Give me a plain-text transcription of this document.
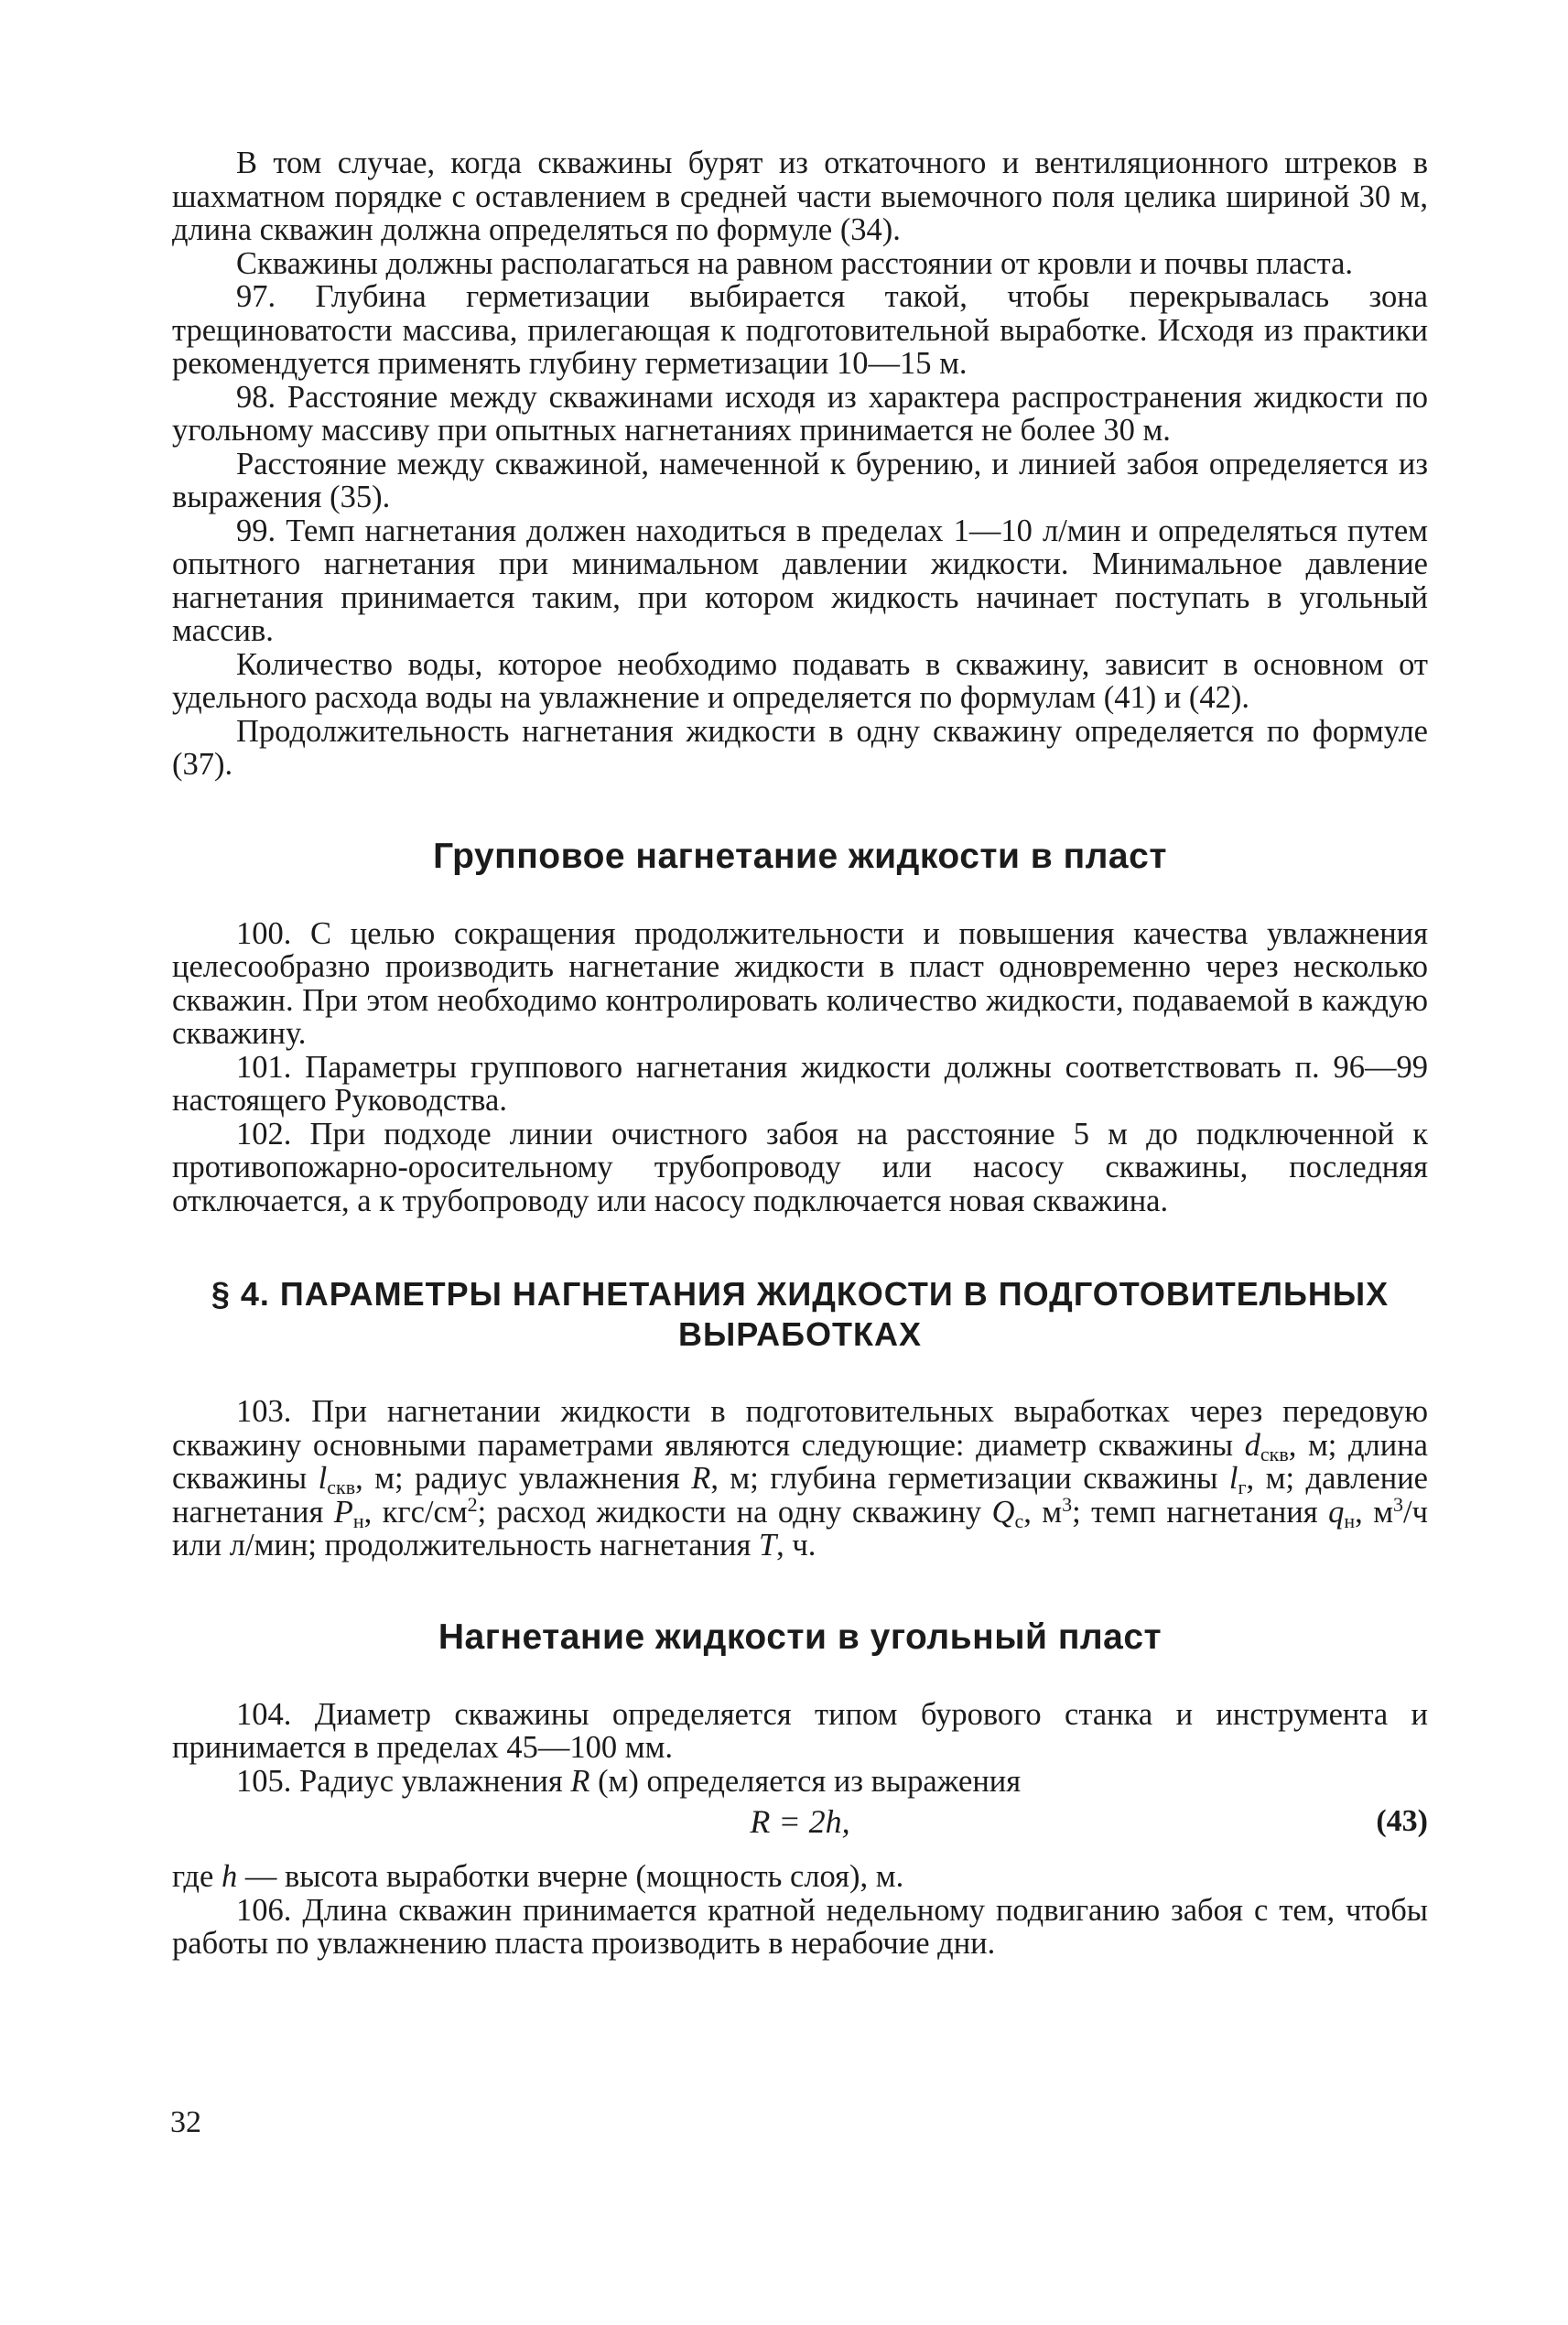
В том случае, когда скважины бурят из откаточного и вентиляционного штреков в шахматном порядке с оставлением в средней части выемочного поля целика шириной 30 м, длина скважин должна определяться по формуле (34).

Скважины должны располагаться на равном расстоянии от кровли и почвы пласта.

97. Глубина герметизации выбирается такой, чтобы перекрывалась зона трещиноватости массива, прилегающая к подготовительной выработке. Исходя из практики рекомендуется применять глубину герметизации 10—15 м.

98. Расстояние между скважинами исходя из характера распространения жидкости по угольному массиву при опытных нагнетаниях принимается не более 30 м.

Расстояние между скважиной, намеченной к бурению, и линией забоя определяется из выражения (35).

99. Темп нагнетания должен находиться в пределах 1—10 л/мин и определяться путем опытного нагнетания при минимальном давлении жидкости. Минимальное давление нагнетания принимается таким, при котором жидкость начинает поступать в угольный массив.

Количество воды, которое необходимо подавать в скважину, зависит в основном от удельного расхода воды на увлажнение и определяется по формулам (41) и (42).

Продолжительность нагнетания жидкости в одну скважину определяется по формуле (37).

Групповое нагнетание жидкости в пласт

100. С целью сокращения продолжительности и повышения качества увлажнения целесообразно производить нагнетание жидкости в пласт одновременно через несколько скважин. При этом необходимо контролировать количество жидкости, подаваемой в каждую скважину.

101. Параметры группового нагнетания жидкости должны соответствовать п. 96—99 настоящего Руководства.

102. При подходе линии очистного забоя на расстояние 5 м до подключенной к противопожарно-оросительному трубопроводу или насосу скважины, последняя отключается, а к трубопроводу или насосу подключается новая скважина.

§ 4. ПАРАМЕТРЫ НАГНЕТАНИЯ ЖИДКОСТИ В ПОДГОТОВИТЕЛЬНЫХ
ВЫРАБОТКАХ

103. При нагнетании жидкости в подготовительных выработках через передовую скважину основными параметрами являются следующие: диаметр скважины $d_{скв}$, м; длина скважины $l_{скв}$, м; радиус увлажнения R, м; глубина герметизации скважины $l_г$, м; давление нагнетания $P_н$, кгс/$см^2$; расход жидкости на одну скважину $Q_с$, $м^3$; темп нагнетания $q_н$, $м^3/ч$ или л/мин; продолжительность нагнетания T, ч.

Нагнетание жидкости в угольный пласт

104. Диаметр скважины определяется типом бурового станка и инструмента и принимается в пределах 45—100 мм.

105. Радиус увлажнения R (м) определяется из выражения

R = 2h,	(43)

где h — высота выработки вчерне (мощность слоя), м.

106. Длина скважин принимается кратной недельному подвиганию забоя с тем, чтобы работы по увлажнению пласта производить в нерабочие дни.

32
